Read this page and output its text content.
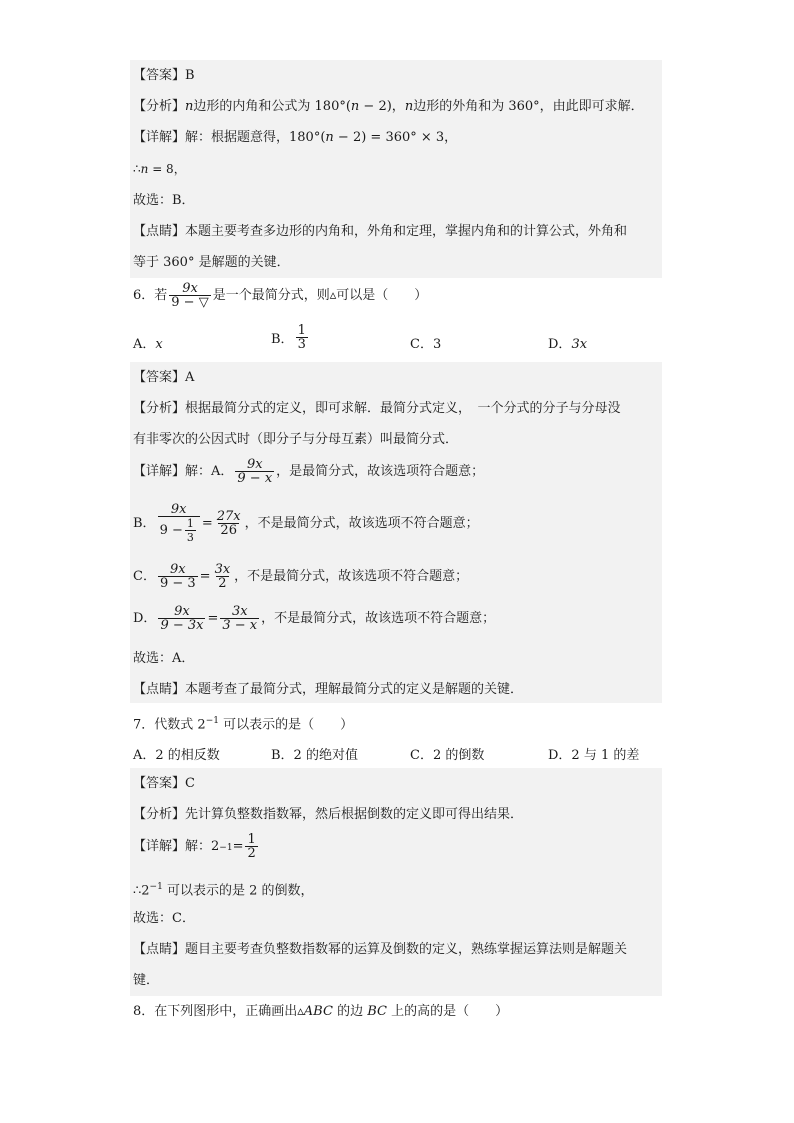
【答案】B
【分析】n边形的内角和公式为 180°(n − 2)，n边形的外角和为 360°，由此即可求解．
【详解】解：根据题意得，180°(n − 2) = 360° × 3，
∴n = 8，
故选：B．
【点睛】本题主要考查多边形的内角和，外角和定理，掌握内角和的计算公式，外角和
等于 360° 是解题的关键．
6．若 $\frac{9x}{9 - ▽}$ 是一个最简分式，则▵可以是（　　）
A．x	B． $\frac{1}{3}$	C．3	D．3x
【答案】A
【分析】根据最简分式的定义，即可求解．最简分式定义，　一个分式的分子与分母没
有非零次的公因式时（即分子与分母互素）叫最简分式．
【详解】 解：A． $\frac{9x}{9 - x}$ ，是最简分式，故该选项符合题意；
B． $\frac{9x}{9 - \frac{1}{3}} = \frac{27x}{26}$ ，不是最简分式，故该选项不符合题意；
C． $\frac{9x}{9 - 3} = \frac{3x}{2}$ ，不是最简分式，故该选项不符合题意；
D． $\frac{9x}{9 - 3x} = \frac{3x}{3 - x}$ ，不是最简分式，故该选项不符合题意；
故选：A．
【点睛】本题考查了最简分式，理解最简分式的定义是解题的关键．
7．代数式 $2^{-1}$ 可以表示的是（　　）
A．2 的相反数	B．2 的绝对值	C．2 的倒数	D．2 与 1 的差
【答案】C
【分析】先计算负整数指数幂，然后根据倒数的定义即可得出结果．
【详解】 解：$2 -1 = \frac{1}{2}$
$\therefore 2^{-1}$ 可以表示的是 2 的倒数，
故选：C．
【点睛】题目主要考查负整数指数幂的运算及倒数的定义，熟练掌握运算法则是解题关
键．
8．在下列图形中，正确画出▵ABC 的边 BC 上的高的是（　　）
